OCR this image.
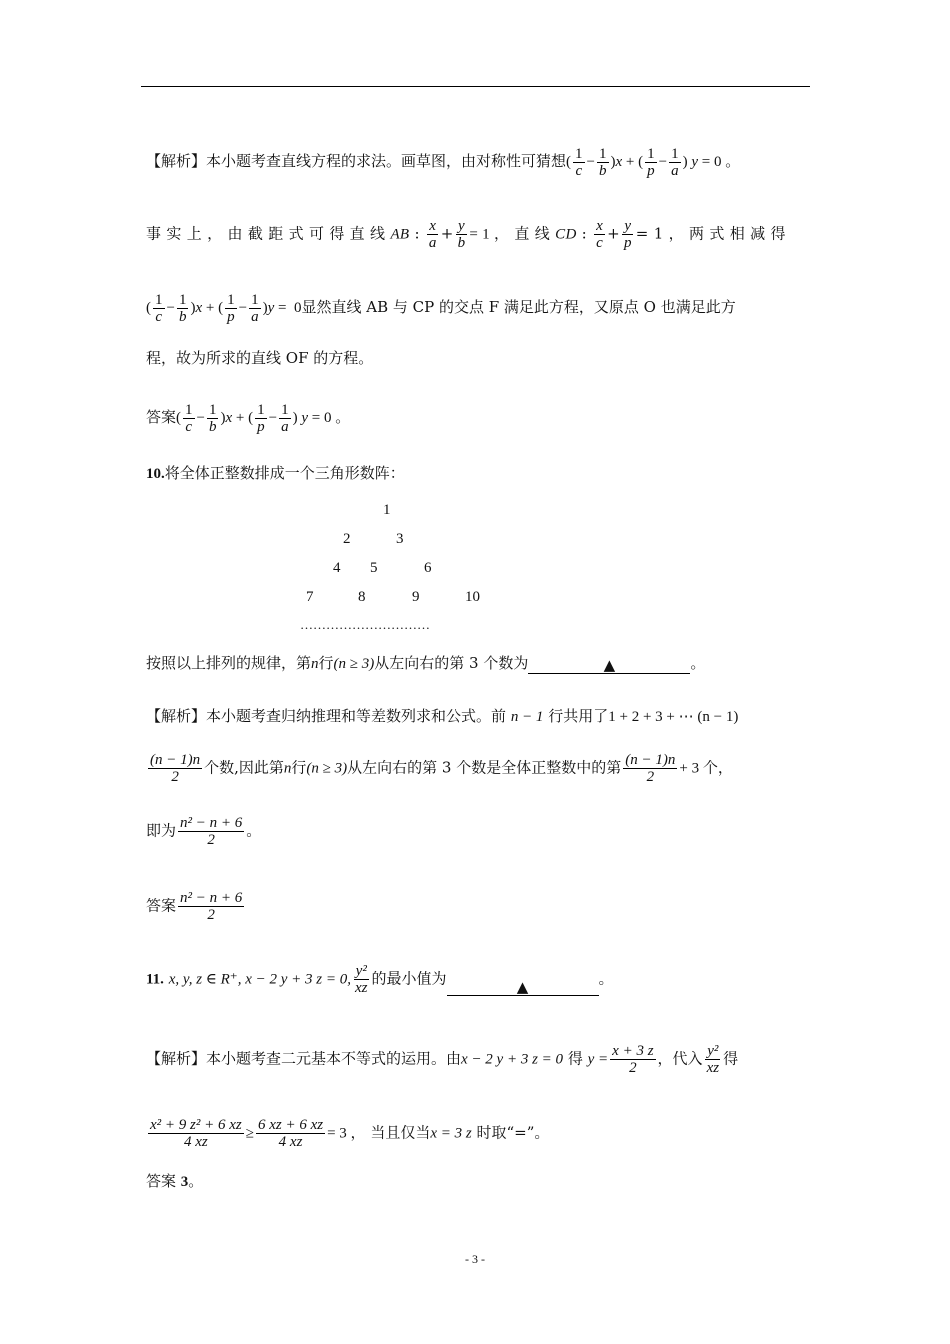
【解析】本小题考查直线方程的求法。画草图，由对称性可猜想( $\frac{1}{c} - \frac{1}{b} )x$ + ( $\frac{1}{p} - \frac{1}{a}$ ) y = 0 。
事 实 上 ， 由 截 距 式 可 得 直 线 AB : $\frac{x}{a} + \frac{y}{b} = 1$ ， 直 线 CD : $\frac{x}{c} + \frac{y}{p} = 1$ ， 两 式 相 减 得
( $\frac{1}{c} - \frac{1}{b} )x$ + ( $\frac{1}{p} - \frac{1}{a} )y = 0$显然直线 AB 与 CP 的交点 F 满足此方程，又原点 O 也满足此方
程，故为所求的直线 OF 的方程。
答案( $\frac{1}{c} - \frac{1}{b} )x$ + ( $\frac{1}{p} - \frac{1}{a}$ ) y = 0 。
10.将全体正整数排成一个三角形数阵：
1
2	3
4 5	6
7	8	9	10
…………………………
按照以上排列的规律，第n行(n ≥ 3)从左向右的第 3 个数为	▲	。
【解析】本小题考查归纳推理和等差数列求和公式。前 n − 1 行共用了1 + 2 + 3 + ⋯ (n − 1)
$\frac{(n - 1)n}{2}$ 个数,因此第n行(n ≥ 3)从左向右的第 3 个数是全体正整数中的第 $\frac{(n - 1)n}{2} + 3$ 个，
即为 $\frac{\text{n² − n + 6}}{2}$ 。
答案 $\frac{\text{n² − n + 6}}{2}$
11. x, y, z ∈ R⁺, x − 2 y + 3 z = 0, $\frac{\text{y²}}{xz}$ 的最小值为	▲	。
【解析】本小题考查二元基本不等式的运用。由x − 2 y + 3 z = 0 得 $y = \frac{x + 3 z}{2}$ ，代入 $\frac{\text{y²}}{xz}$ 得
$\frac{\text{x² + 9 z² + 6 xz}}{4 xz} \ge \frac{6 xz + 6 xz}{4 xz} = 3$ ， 当且仅当x = 3 z 时取“=”。
答案 3。
- 3 -
